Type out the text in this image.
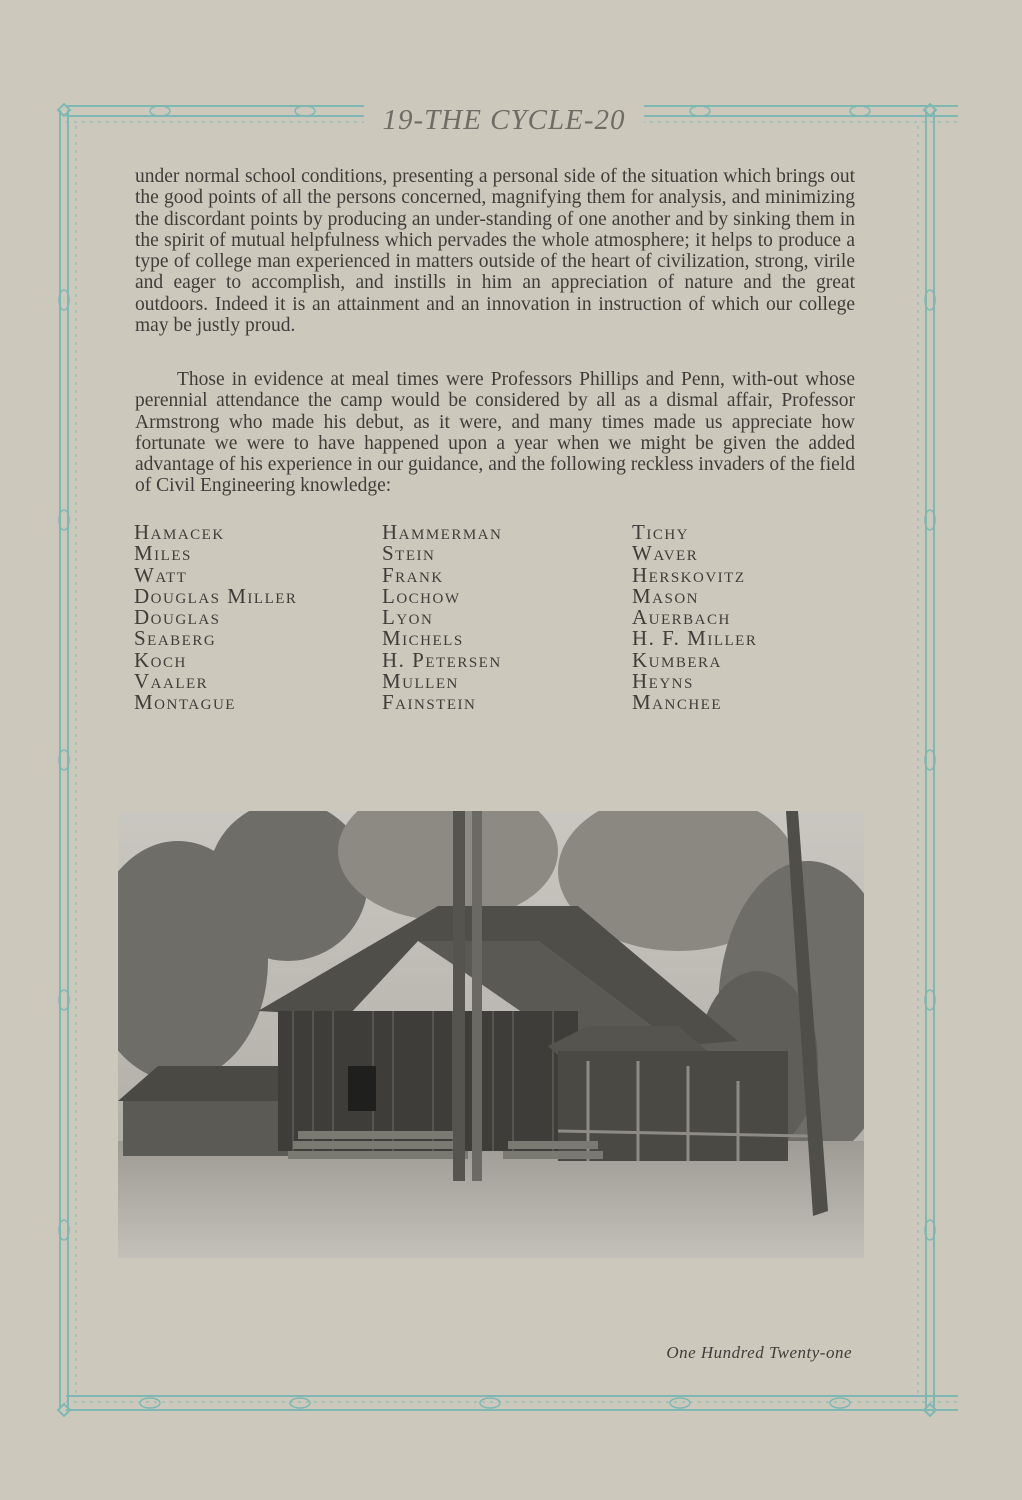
19-THE CYCLE-20

under normal school conditions, presenting a personal side of the situation which brings out the good points of all the persons concerned, magnifying them for analysis, and minimizing the discordant points by producing an under-standing of one another and by sinking them in the spirit of mutual helpfulness which pervades the whole atmosphere; it helps to produce a type of college man experienced in matters outside of the heart of civilization, strong, virile and eager to accomplish, and instills in him an appreciation of nature and the great outdoors. Indeed it is an attainment and an innovation in instruction of which our college may be justly proud.

Those in evidence at meal times were Professors Phillips and Penn, with-out whose perennial attendance the camp would be considered by all as a dismal affair, Professor Armstrong who made his debut, as it were, and many times made us appreciate how fortunate we were to have happened upon a year when we might be given the added advantage of his experience in our guidance, and the following reckless invaders of the field of Civil Engineering knowledge:

Hamacek
Miles
Watt
Douglas Miller
Douglas
Seaberg
Koch
Vaaler
Montague
Hammerman
Stein
Frank
Lochow
Lyon
Michels
H. Petersen
Mullen
Fainstein
Tichy
Waver
Herskovitz
Mason
Auerbach
H. F. Miller
Kumbera
Heyns
Manchee
One Hundred Twenty-one
